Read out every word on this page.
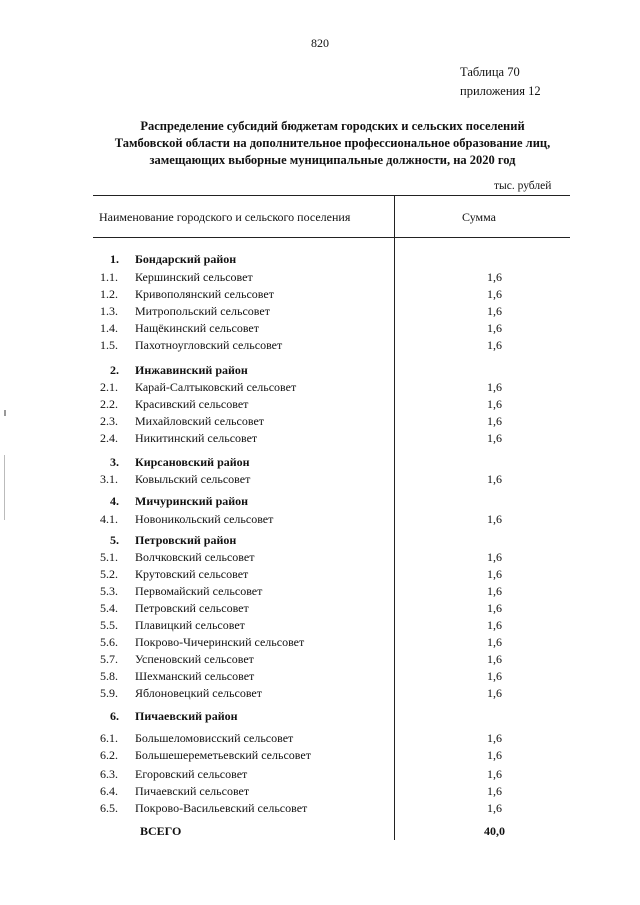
820
Таблица 70
приложения 12
Распределение субсидий бюджетам городских и сельских поселений
Тамбовской области на дополнительное профессиональное образование лиц,
замещающих выборные муниципальные должности, на 2020 год
тыс. рублей
Наименование городского и сельского поселения	Сумма
1.	Бондарский район
1.1.	Кершинский сельсовет	1,6
1.2.	Кривополянский сельсовет	1,6
1.3.	Митропольский сельсовет	1,6
1.4.	Нащёкинский сельсовет	1,6
1.5.	Пахотноугловский сельсовет	1,6
2.	Инжавинский район
2.1.	Карай-Салтыковский сельсовет	1,6
2.2.	Красивский сельсовет	1,6
2.3.	Михайловский сельсовет	1,6
2.4.	Никитинский сельсовет	1,6
3.	Кирсановский район
3.1.	Ковыльский сельсовет	1,6
4.	Мичуринский район
4.1.	Новоникольский сельсовет	1,6
5.	Петровский район
5.1.	Волчковский сельсовет	1,6
5.2.	Крутовский сельсовет	1,6
5.3.	Первомайский сельсовет	1,6
5.4.	Петровский сельсовет	1,6
5.5.	Плавицкий сельсовет	1,6
5.6.	Покрово-Чичеринский сельсовет	1,6
5.7.	Успеновский сельсовет	1,6
5.8.	Шехманский сельсовет	1,6
5.9.	Яблоновецкий сельсовет	1,6
6.	Пичаевский район
6.1.	Большеломовисский сельсовет	1,6
6.2.	Большешереметьевский сельсовет	1,6
6.3.	Егоровский сельсовет	1,6
6.4.	Пичаевский сельсовет	1,6
6.5.	Покрово-Васильевский сельсовет	1,6
ВСЕГО	40,0
